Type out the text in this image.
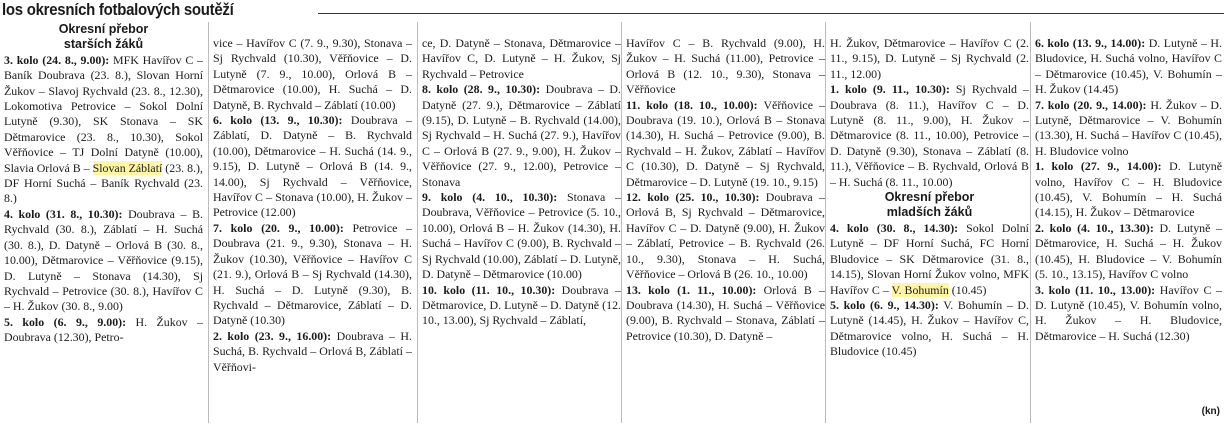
los okresních fotbalových soutěží
Okresní přebor
starších žáků
3. kolo (24. 8., 9.00): MFK Havířov C – Baník Doubrava (23. 8.), Slovan Horní Žukov – Slavoj Rychvald (23. 8., 12.30), Lokomotiva Petrovice – Sokol Dolní Lutyně (9.30), SK Stonava – SK Dětmarovice (23. 8., 10.30), Sokol Věřňovice – TJ Dolní Datyně (10.00), Slavia Orlová B – Slovan Záblatí (23. 8.), DF Horní Suchá – Baník Rychvald (23. 8.)
4. kolo (31. 8., 10.30): Doubrava – B. Rychvald (30. 8.), Záblatí – H. Suchá (30. 8.), D. Datyně – Orlová B (30. 8., 10.00), Dětmarovice – Věřňovice (9.15), D. Lutyně – Stonava (14.30), Sj Rychvald – Petrovice (30. 8.), Havířov C – H. Žukov (30. 8., 9.00)
5. kolo (6. 9., 9.00): H. Žukov – Doubrava (12.30), Petro-
vice – Havířov C (7. 9., 9.30), Stonava – Sj Rychvald (10.30), Věřňovice – D. Lutyně (7. 9., 10.00), Orlová B – Dětmarovice (10.00), H. Suchá – D. Datyně, B. Rychvald – Záblatí (10.00)
6. kolo (13. 9., 10.30): Doubrava – Záblatí, D. Datyně – B. Rychvald (10.00), Dětmarovice – H. Suchá (14. 9., 9.15), D. Lutyně – Orlová B (14. 9., 14.00), Sj Rychvald – Věřňovice, Havířov C – Stonava (10.00), H. Žukov – Petrovice (12.00)
7. kolo (20. 9., 10.00): Petrovice – Doubrava (21. 9., 9.30), Stonava – H. Žukov (10.30), Věřňovice – Havířov C (21. 9.), Orlová B – Sj Rychvald (14.30), H. Suchá – D. Lutyně (9.30), B. Rychvald – Dětmarovice, Záblatí – D. Datyně (10.30)
2. kolo (23. 9., 16.00): Doubrava – H. Suchá, B. Rychvald – Orlová B, Záblatí – Věřňovi-
ce, D. Datyně – Stonava, Dětmarovice – Havířov C, D. Lutyně – H. Žukov, Sj Rychvald – Petrovice
8. kolo (28. 9., 10.30): Doubrava – D. Datyně (27. 9.), Dětmarovice – Záblatí (9.15), D. Lutyně – B. Rychvald (14.00), Sj Rychvald – H. Suchá (27. 9.), Havířov C – Orlová B (27. 9., 9.00), H. Žukov – Věřňovice (27. 9., 12.00), Petrovice – Stonava
9. kolo (4. 10., 10.30): Stonava – Doubrava, Věřňovice – Petrovice (5. 10., 10.00), Orlová B – H. Žukov (14.30), H. Suchá – Havířov C (9.00), B. Rychvald – Sj Rychvald (10.00), Záblatí – D. Lutyně, D. Datyně – Dětmarovice (10.00)
10. kolo (11. 10., 10.30): Doubrava – Dětmarovice, D. Lutyně – D. Datyně (12. 10., 13.00), Sj Rychvald – Záblatí,
Havířov C – B. Rychvald (9.00), H. Žukov – H. Suchá (11.00), Petrovice – Orlová B (12. 10., 9.30), Stonava – Věřňovice
11. kolo (18. 10., 10.00): Věřňovice – Doubrava (19. 10.), Orlová B – Stonava (14.30), H. Suchá – Petrovice (9.00), B. Rychvald – H. Žukov, Záblatí – Havířov C (10.30), D. Datyně – Sj Rychvald, Dětmarovice – D. Lutyně (19. 10., 9.15)
12. kolo (25. 10., 10.30): Doubrava – Orlová B, Sj Rychvald – Dětmarovice, Havířov C – D. Datyně (9.00), H. Žukov – Záblatí, Petrovice – B. Rychvald (26. 10., 9.30), Stonava – H. Suchá, Věřňovice – Orlová B (26. 10., 10.00)
13. kolo (1. 11., 10.00): Orlová B – Doubrava (14.30), H. Suchá – Věřňovice (9.00), B. Rychvald – Stonava, Záblatí – Petrovice (10.30), D. Datyně –
H. Žukov, Dětmarovice – Havířov C (2. 11., 9.15), D. Lutyně – Sj Rychvald (2. 11., 12.00)
1. kolo (9. 11., 10.30): Sj Rychvald – Doubrava (8. 11.), Havířov C – D. Lutyně (8. 11., 9.00), H. Žukov – Dětmarovice (8. 11., 10.00), Petrovice – D. Datyně (9.30), Stonava – Záblatí (8. 11.), Věřňovice – B. Rychvald, Orlová B – H. Suchá (8. 11., 10.00)
Okresní přebor
mladších žáků
4. kolo (30. 8., 14.30): Sokol Dolní Lutyně – DF Horní Suchá, FC Horní Bludovice – SK Dětmarovice (31. 8., 14.15), Slovan Horní Žukov volno, MFK Havířov C – V. Bohumín (10.45)
5. kolo (6. 9., 14.30): V. Bohumín – D. Lutyně (14.45), H. Žukov – Havířov C, Dětmarovice volno, H. Suchá – H. Bludovice (10.45)
6. kolo (13. 9., 14.00): D. Lutyně – H. Bludovice, H. Suchá volno, Havířov C – Dětmarovice (10.45), V. Bohumín – H. Žukov (14.45)
7. kolo (20. 9., 14.00): H. Žukov – D. Lutyně, Dětmarovice – V. Bohumín (13.30), H. Suchá – Havířov C (10.45), H. Bludovice volno
1. kolo (27. 9., 14.00): D. Lutyně volno, Havířov C – H. Bludovice (10.45), V. Bohumín – H. Suchá (14.15), H. Žukov – Dětmarovice
2. kolo (4. 10., 13.30): D. Lutyně – Dětmarovice, H. Suchá – H. Žukov (10.45), H. Bludovice – V. Bohumín (5. 10., 13.15), Havířov C volno
3. kolo (11. 10., 13.00): Havířov C – D. Lutyně (10.45), V. Bohumín volno, H. Žukov – H. Bludovice, Dětmarovice – H. Suchá (12.30)
(kn)
